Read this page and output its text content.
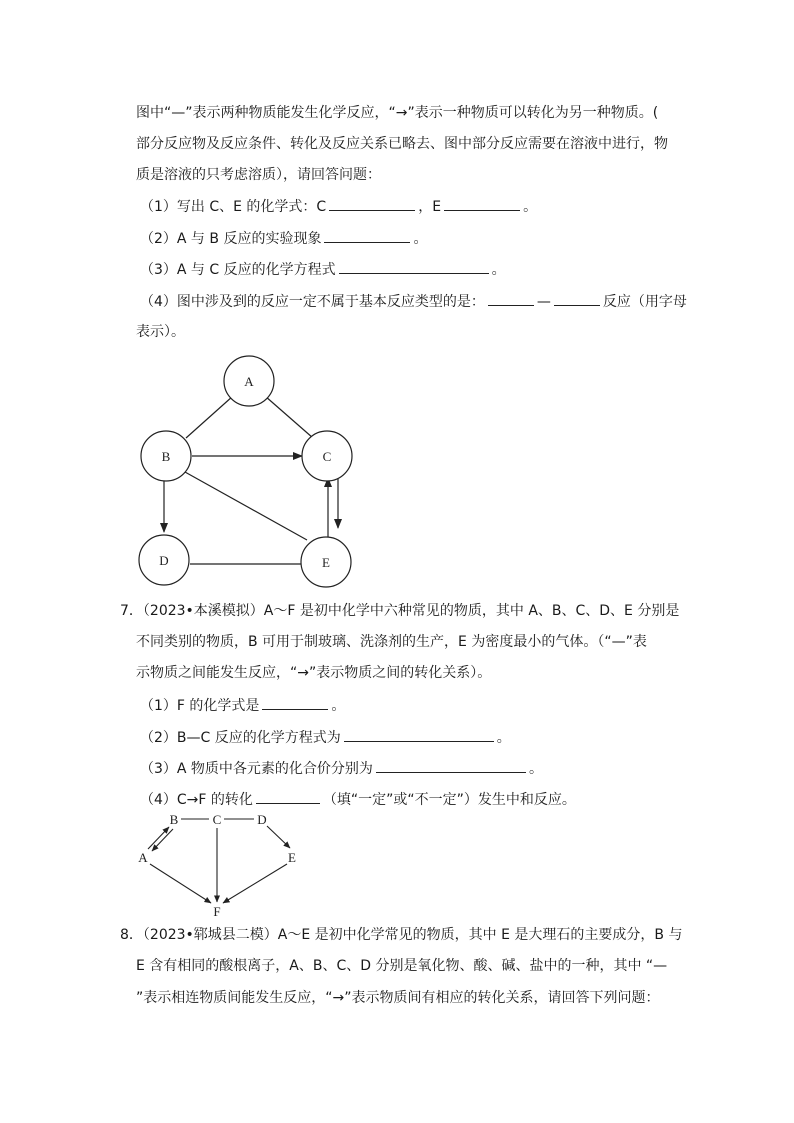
图中“—”表示两种物质能发生化学反应，“→”表示一种物质可以转化为另一种物质。(
部分反应物及反应条件、转化及反应关系已略去、图中部分反应需要在溶液中进行，物
质是溶液的只考虑溶质），请回答问题：
（1）写出 C、E 的化学式：C	，E	。
（2）A 与 B 反应的实验现象	。
（3）A 与 C 反应的化学方程式	。
（4）图中涉及到的反应一定不属于基本反应类型的是：	—	反应（用字母
表示）。
A
B	C
D	E
7．（2023•本溪模拟）A～F 是初中化学中六种常见的物质，其中 A、B、C、D、E 分别是
不同类别的物质，B 可用于制玻璃、洗涤剂的生产，E 为密度最小的气体。（“—”表
示物质之间能发生反应，“→”表示物质之间的转化关系）。
（1）F 的化学式是	。
（2）B—C 反应的化学方程式为	。
（3）A 物质中各元素的化合价分别为	。
（4）C→F 的转化	（填“一定”或“不一定”）发生中和反应。
B	C	D
A	E
F
8．（2023•郓城县二模）A～E 是初中化学常见的物质，其中 E 是大理石的主要成分，B 与
E 含有相同的酸根离子，A、B、C、D 分别是氧化物、酸、碱、盐中的一种，其中 “—
”表示相连物质间能发生反应，“→”表示物质间有相应的转化关系，请回答下列问题：
